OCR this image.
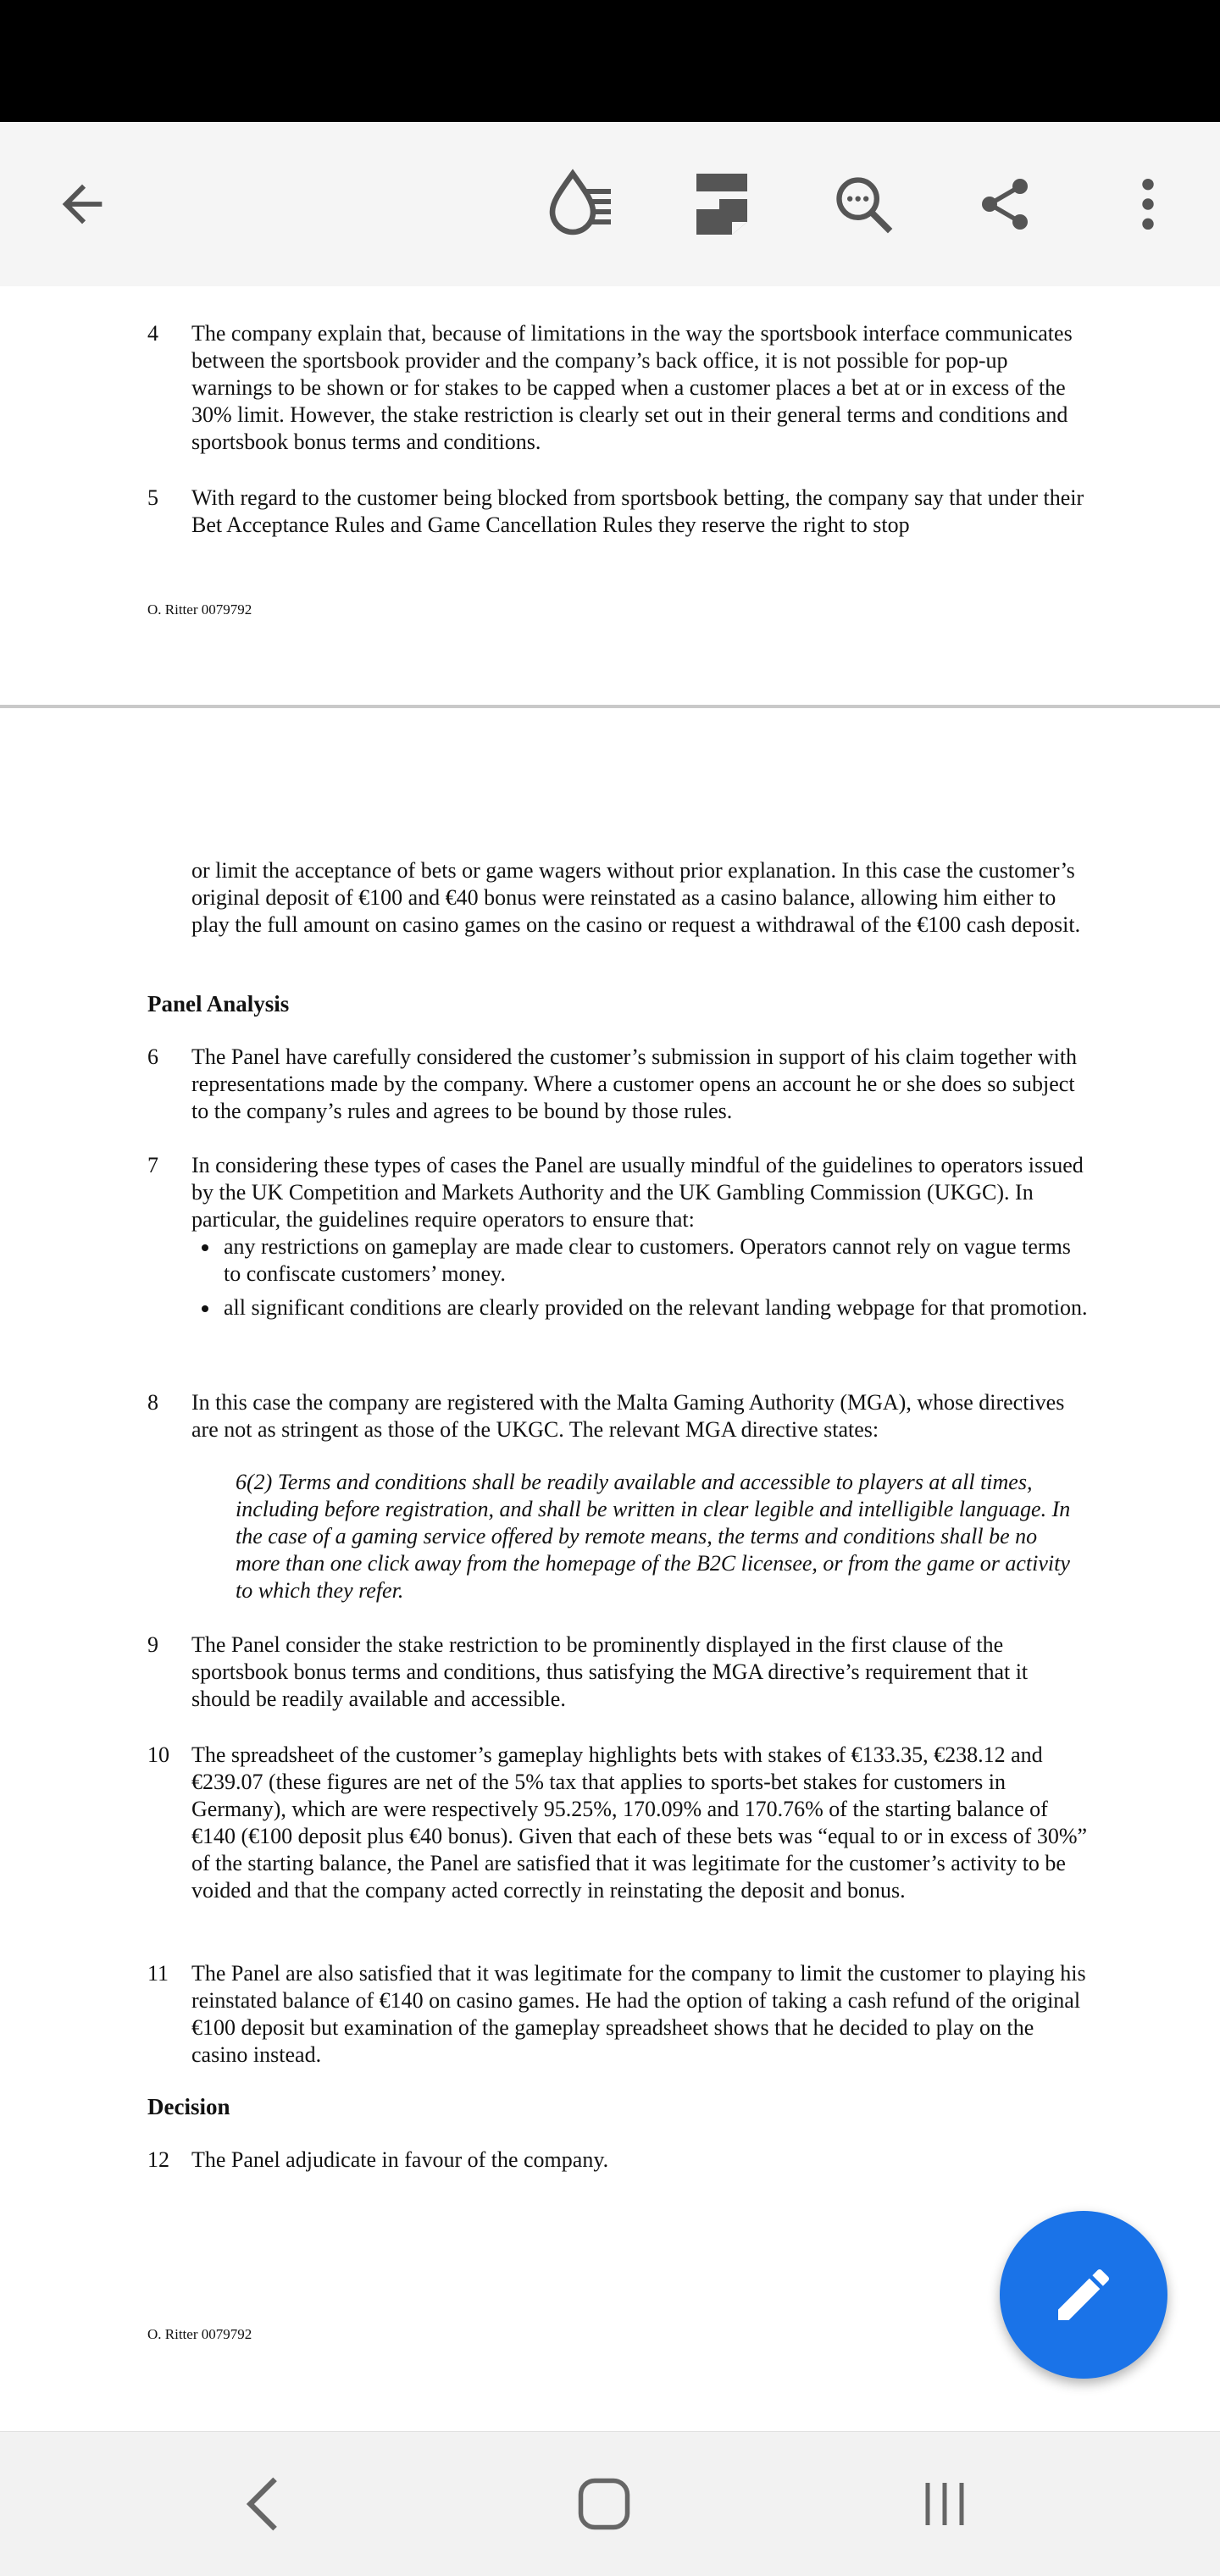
4 The company explain that, because of limitations in the way the sportsbook interface communicates between the sportsbook provider and the company’s back office, it is not possible for pop-up warnings to be shown or for stakes to be capped when a customer places a bet at or in excess of the 30% limit. However, the stake restriction is clearly set out in their general terms and conditions and sportsbook bonus terms and conditions.
5 With regard to the customer being blocked from sportsbook betting, the company say that under their Bet Acceptance Rules and Game Cancellation Rules they reserve the right to stop
O. Ritter 0079792
or limit the acceptance of bets or game wagers without prior explanation. In this case the customer’s original deposit of €100 and €40 bonus were reinstated as a casino balance, allowing him either to play the full amount on casino games on the casino or request a withdrawal of the €100 cash deposit.
Panel Analysis
6 The Panel have carefully considered the customer’s submission in support of his claim together with representations made by the company. Where a customer opens an account he or she does so subject to the company’s rules and agrees to be bound by those rules.
7 In considering these types of cases the Panel are usually mindful of the guidelines to operators issued by the UK Competition and Markets Authority and the UK Gambling Commission (UKGC). In particular, the guidelines require operators to ensure that:
• any restrictions on gameplay are made clear to customers. Operators cannot rely on vague terms to confiscate customers’ money.
• all significant conditions are clearly provided on the relevant landing webpage for that promotion.
8 In this case the company are registered with the Malta Gaming Authority (MGA), whose directives are not as stringent as those of the UKGC. The relevant MGA directive states:
6(2) Terms and conditions shall be readily available and accessible to players at all times, including before registration, and shall be written in clear legible and intelligible language. In the case of a gaming service offered by remote means, the terms and conditions shall be no more than one click away from the homepage of the B2C licensee, or from the game or activity to which they refer.
9 The Panel consider the stake restriction to be prominently displayed in the first clause of the sportsbook bonus terms and conditions, thus satisfying the MGA directive’s requirement that it should be readily available and accessible.
10 The spreadsheet of the customer’s gameplay highlights bets with stakes of €133.35, €238.12 and €239.07 (these figures are net of the 5% tax that applies to sports-bet stakes for customers in Germany), which are were respectively 95.25%, 170.09% and 170.76% of the starting balance of €140 (€100 deposit plus €40 bonus). Given that each of these bets was “equal to or in excess of 30%” of the starting balance, the Panel are satisfied that it was legitimate for the customer’s activity to be voided and that the company acted correctly in reinstating the deposit and bonus.
11 The Panel are also satisfied that it was legitimate for the company to limit the customer to playing his reinstated balance of €140 on casino games. He had the option of taking a cash refund of the original €100 deposit but examination of the gameplay spreadsheet shows that he decided to play on the casino instead.
Decision
12 The Panel adjudicate in favour of the company.
O. Ritter 0079792
